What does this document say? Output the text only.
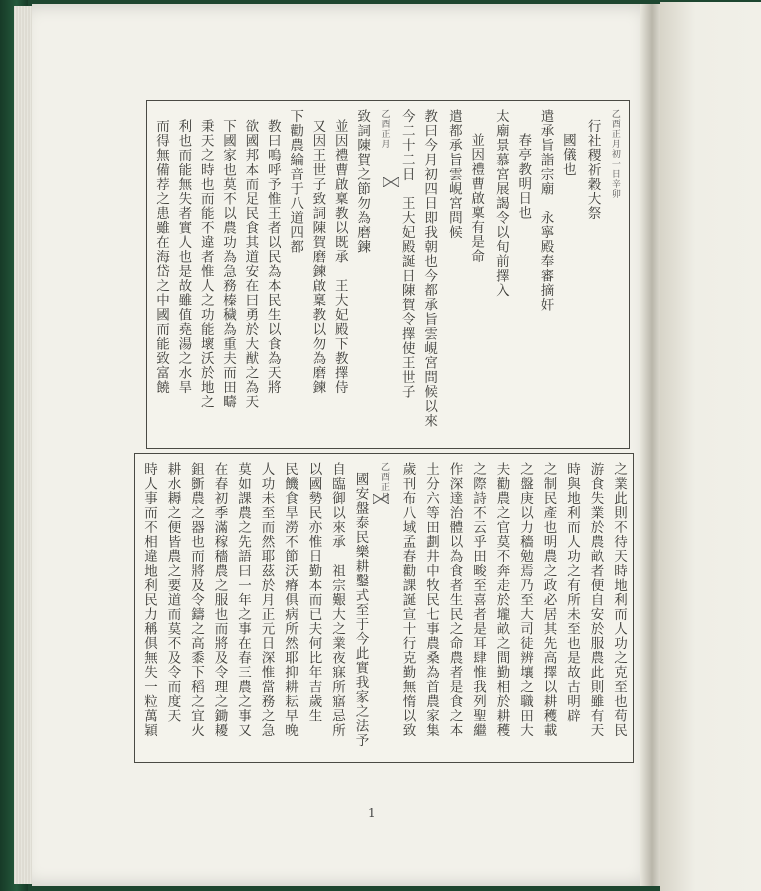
乙酉正月初一日辛卯
行社稷祈穀大祭
國儀也
遣承旨詣宗廟　永寧殿奉審摘奸
春亭教明日也
太廟景慕宮展謁令以旬前擇入
並因禮曹啟稟有是命
遣都承旨雲峴宮問候
教曰今月初四日即我朝也今都承旨雲峴宮問候以來
今二十二日　王大妃殿誕日陳賀令擇使王世子
乙酉正月
致詞陳賀之節勿為磨鍊
並因禮曹啟稟教以既承　王大妃殿下教擇侍
又因王世子致詞陳賀磨鍊啟稟教以勿為磨鍊
下勸農綸音于八道四都
教曰嗚呼予惟王者以民為本民生以食為天將
欲國邦本而足民食其道安在曰勇於大猷之為天
下國家也莫不以農功為急務榛穢為重夫而田疇
秉天之時也而能不違者惟人之功能壞沃於地之
利也而能無失者實人也是故雖值堯湯之水旱
而得無備荐之患雖在海岱之中國而能致富饒
之業此則不待天時地利而人功之克至也苟民
游食失業於農畝者便自安於服農此則雖有天
時與地利而人功之有所未至也是故古明辟
之制民產也明農之政必居其先高擇以耕穫載
之盤庚以力穡勉焉乃至大司徒辨壤之職田大
夫勸農之官莫不奔走於壠畝之間勤相於耕穫
之際詩不云乎田畯至喜者是耳肆惟我列聖繼
作深達治體以為食者生民之命農者是食之本
土分六等田劃井中牧民七事農桑為首農家集
歲刊布八域孟春勸課誕宣十行克勤無惰以致
乙酉正月
國安盤泰民樂耕鑿式至于今此實我家之法予
自臨御以來承　祖宗艱大之業夜寐所寤忌所
以國勢民亦惟日勤本而已夫何比年吉歲生
民饑食旱澇不節沃瘠俱病所然耶抑耕耘早晚
人功未至而然耶茲於月正元日深惟當務之急
莫如課農之先語曰一年之事在春三農之事又
在春初季滿稼穡農之服也而將及令理之鋤耰
鉏斵農之器也而將及令鑄之高黍下稻之宜火
耕水耨之便皆農之要道而莫不及令而度天
時人事而不相違地利民力稱俱無失一粒萬穎
1
